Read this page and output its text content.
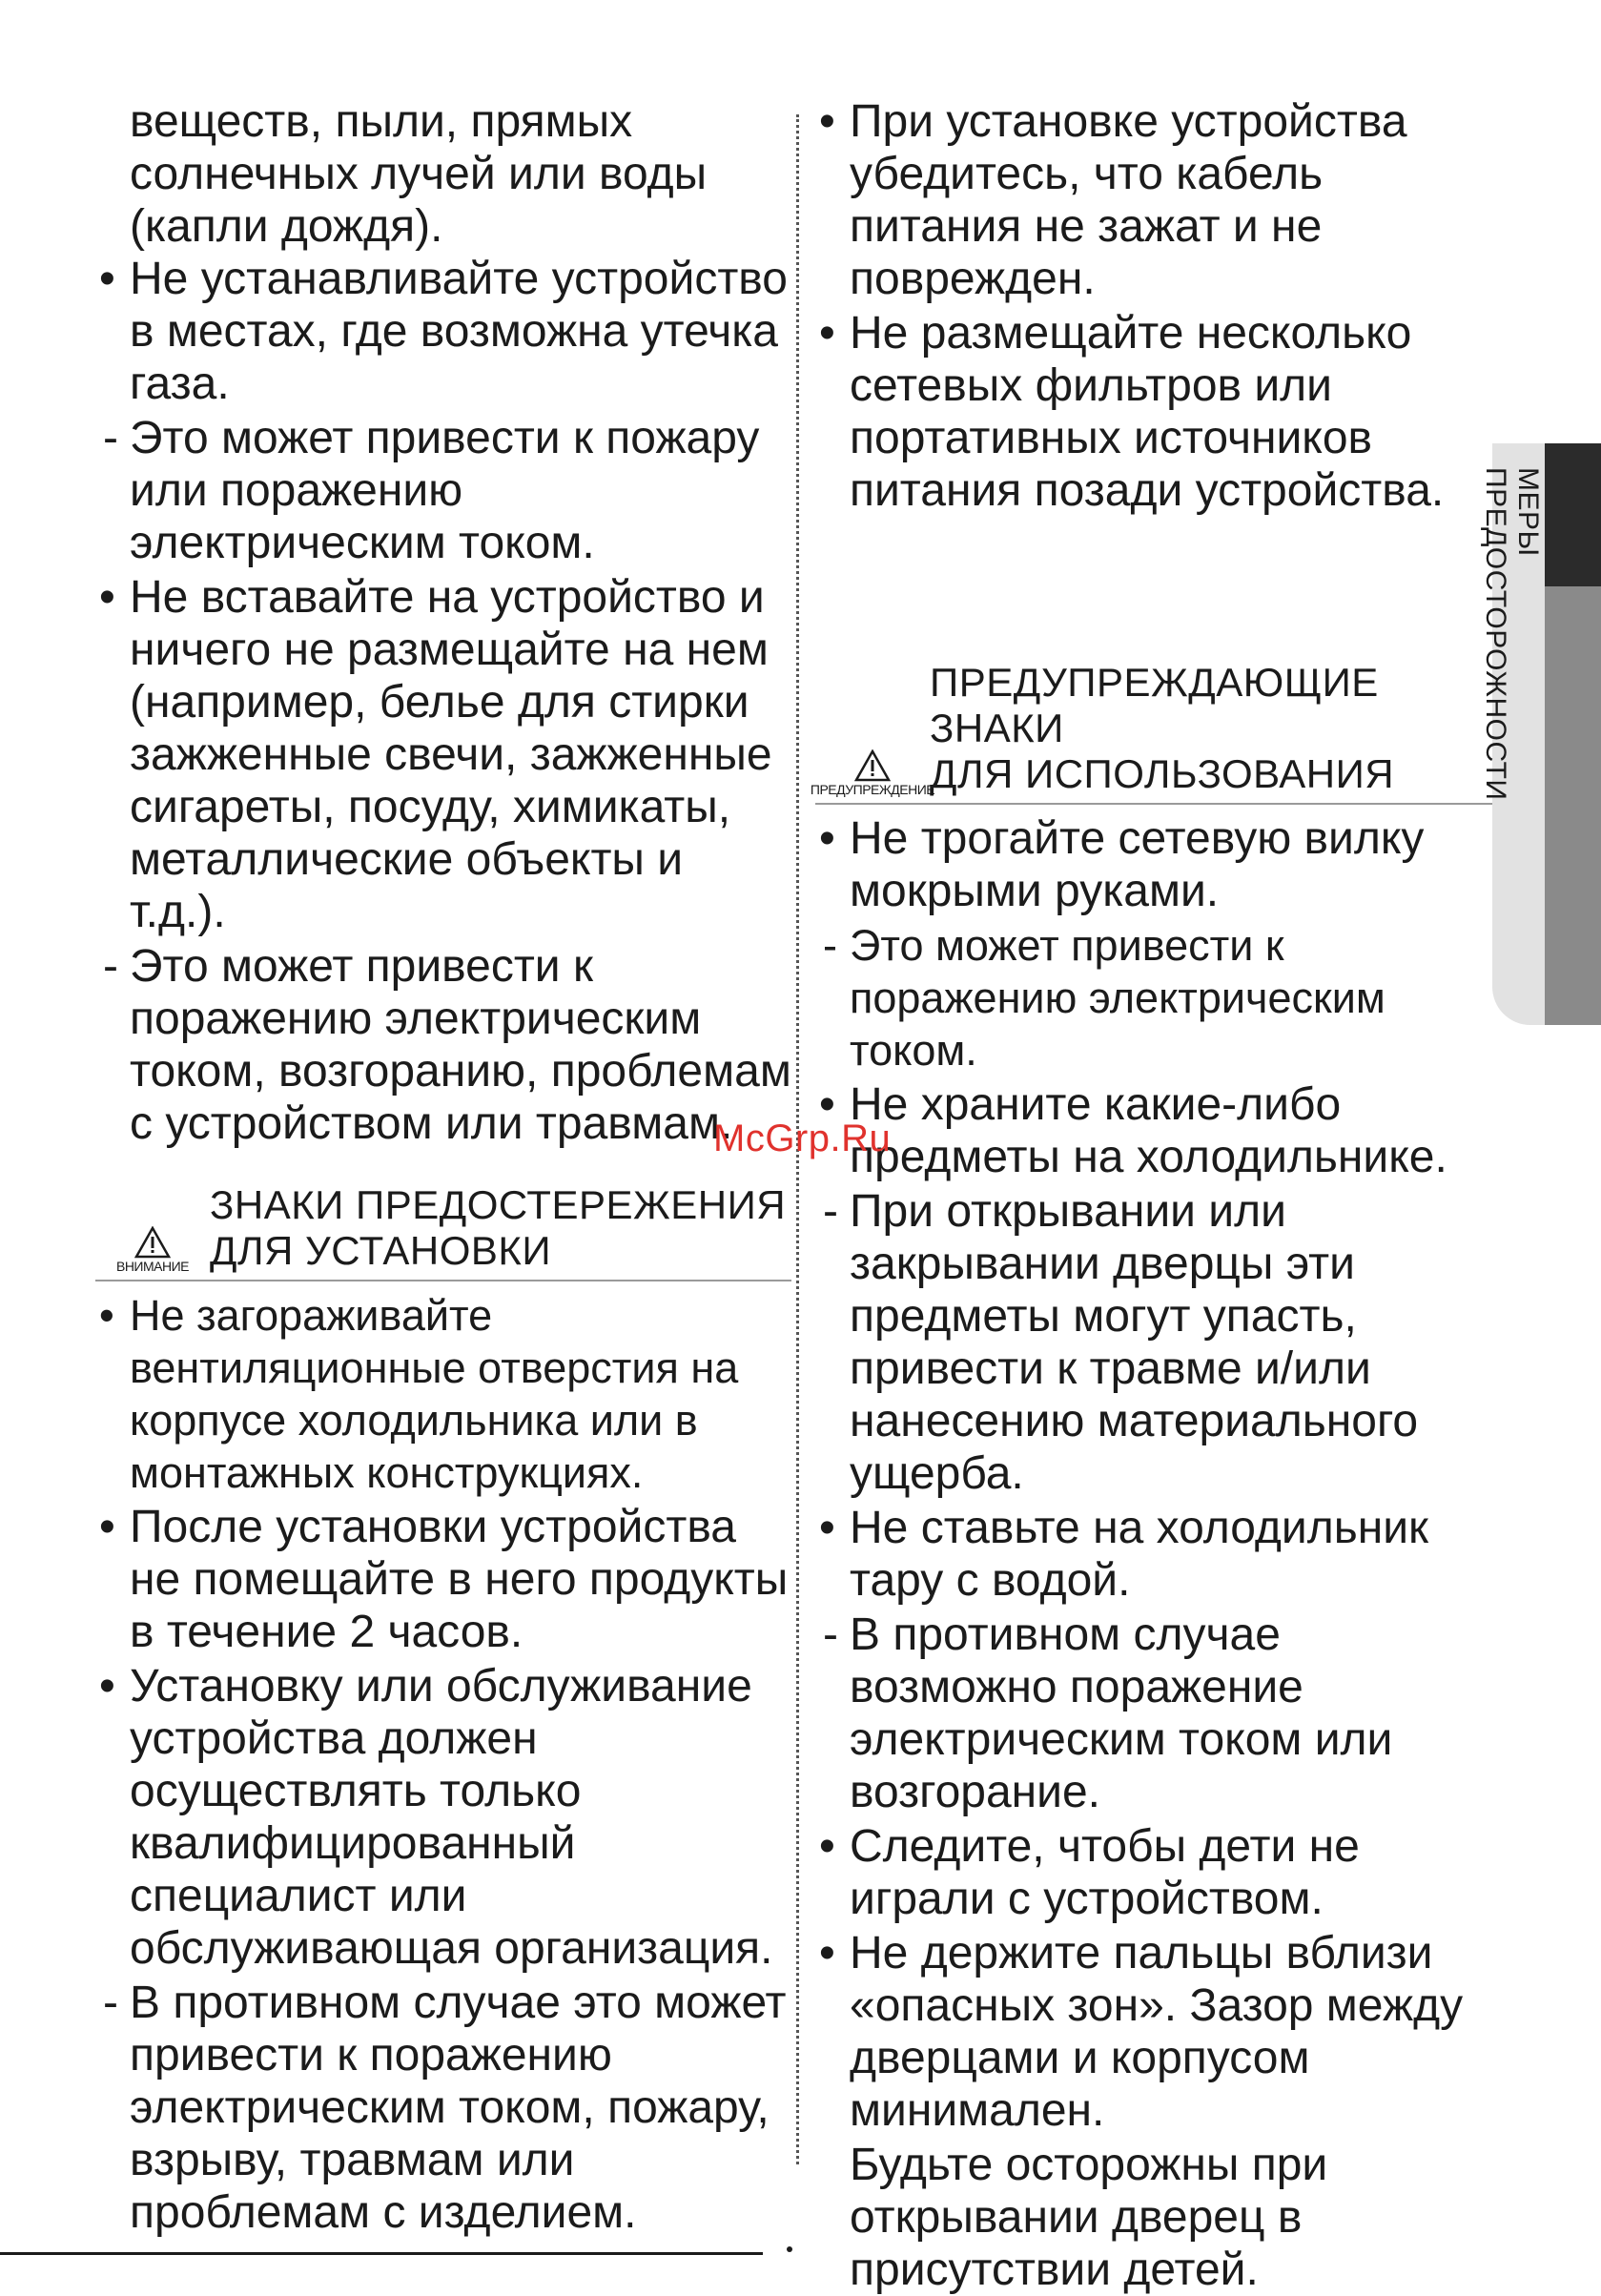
веществ, пыли, прямых солнечных лучей или воды (капли дождя).

• Не устанавливайте устройство в местах, где возможна утечка газа.

- Это может привести к пожару или поражению электрическим током.

• Не вставайте на устройство и ничего не размещайте на нем (например, белье для стирки зажженные свечи, зажженные сигареты, посуду, химикаты, металлические объекты и т.д.).

- Это может привести к поражению электрическим током, возгоранию, проблемам с устройством или травмам.

ВНИМАНИЕ
ЗНАКИ ПРЕДОСТЕРЕЖЕНИЯ
ДЛЯ УСТАНОВКИ

• Не загораживайте вентиляционные отверстия на корпусе холодильника или в монтажных конструкциях.

• После установки устройства не помещайте в него продукты в течение 2 часов.

• Установку или обслуживание устройства должен осуществлять только квалифицированный специалист или обслуживающая организация.

- В противном случае это может привести к поражению электрическим током, пожару, взрыву, травмам или проблемам с изделием.

• При установке устройства убедитесь, что кабель питания не зажат и не поврежден.

• Не размещайте несколько сетевых фильтров или портативных источников питания позади устройства.

ПРЕДУПРЕЖДЕНИЕ
ПРЕДУПРЕЖДАЮЩИЕ ЗНАКИ
ДЛЯ ИСПОЛЬЗОВАНИЯ

• Не трогайте сетевую вилку мокрыми руками.

- Это может привести к поражению электрическим током.

• Не храните какие-либо предметы на холодильнике.

- При открывании или закрывании дверцы эти предметы могут упасть, привести к травме и/или нанесению материального ущерба.

• Не ставьте на холодильник тару с водой.

- В противном случае возможно поражение электрическим током или возгорание.

• Следите, чтобы дети не играли с устройством.

• Не держите пальцы вблизи «опасных зон». Зазор между дверцами и корпусом минимален.

Будьте осторожны при открывании дверец в присутствии детей.

МЕРЫ ПРЕДОСТОРОЖНОСТИ
McGrp.Ru
